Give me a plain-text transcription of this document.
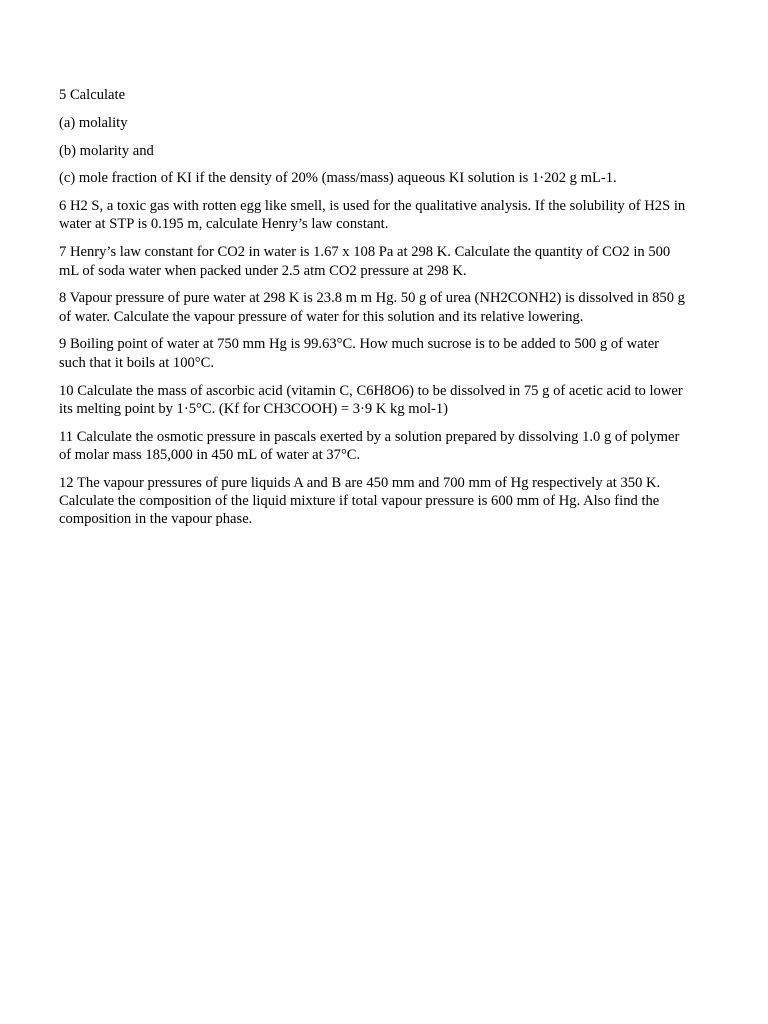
5 Calculate

(a) molality

(b) molarity and

(c) mole fraction of KI if the density of 20% (mass/mass) aqueous KI solution is 1·202 g mL-1.

6 H2 S, a toxic gas with rotten egg like smell, is used for the qualitative analysis. If the solubility of H2S in water at STP is 0.195 m, calculate Henry’s law constant.

7 Henry’s law constant for CO2 in water is 1.67 x 108 Pa at 298 K. Calculate the quantity of CO2 in 500 mL of soda water when packed under 2.5 atm CO2 pressure at 298 K.

8 Vapour pressure of pure water at 298 K is 23.8 m m Hg. 50 g of urea (NH2CONH2) is dissolved in 850 g of water. Calculate the vapour pressure of water for this solution and its relative lowering.

9 Boiling point of water at 750 mm Hg is 99.63°C. How much sucrose is to be added to 500 g of water such that it boils at 100°C.

10 Calculate the mass of ascorbic acid (vitamin C, C6H8O6) to be dissolved in 75 g of acetic acid to lower its melting point by 1·5°C. (Kf for CH3COOH) = 3·9 K kg mol-1)

11 Calculate the osmotic pressure in pascals exerted by a solution prepared by dissolving 1.0 g of polymer of molar mass 185,000 in 450 mL of water at 37°C.

12 The vapour pressures of pure liquids A and B are 450 mm and 700 mm of Hg respectively at 350 K. Calculate the composition of the liquid mixture if total vapour pressure is 600 mm of Hg. Also find the composition in the vapour phase.
